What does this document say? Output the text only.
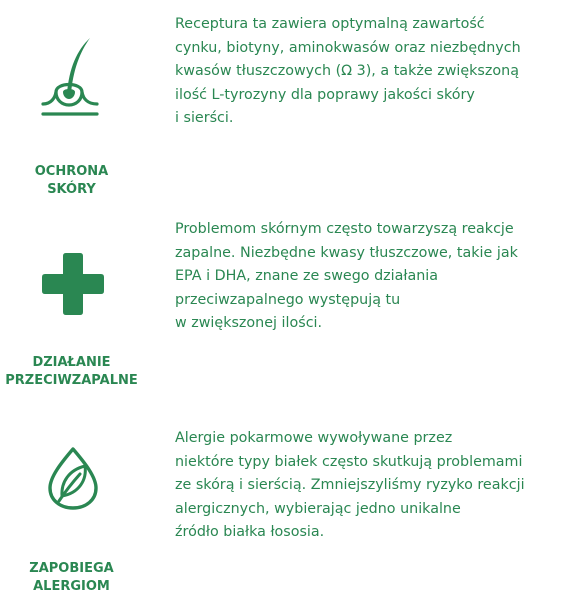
OCHRONA
SKÓRY

Receptura ta zawiera optymalną zawartość
cynku, biotyny, aminokwasów oraz niezbędnych
kwasów tłuszczowych (Ω 3), a także zwiększoną
ilość L-tyrozyny dla poprawy jakości skóry
i sierści.

DZIAŁANIE
PRZECIWZAPALNE

Problemom skórnym często towarzyszą reakcje
zapalne. Niezbędne kwasy tłuszczowe, takie jak
EPA i DHA, znane ze swego działania
przeciwzapalnego występują tu
w zwiększonej ilości.

ZAPOBIEGA
ALERGIOM

Alergie pokarmowe wywoływane przez
niektóre typy białek często skutkują problemami
ze skórą i sierścią. Zmniejszyliśmy ryzyko reakcji
alergicznych, wybierając jedno unikalne
źródło białka łososia.
